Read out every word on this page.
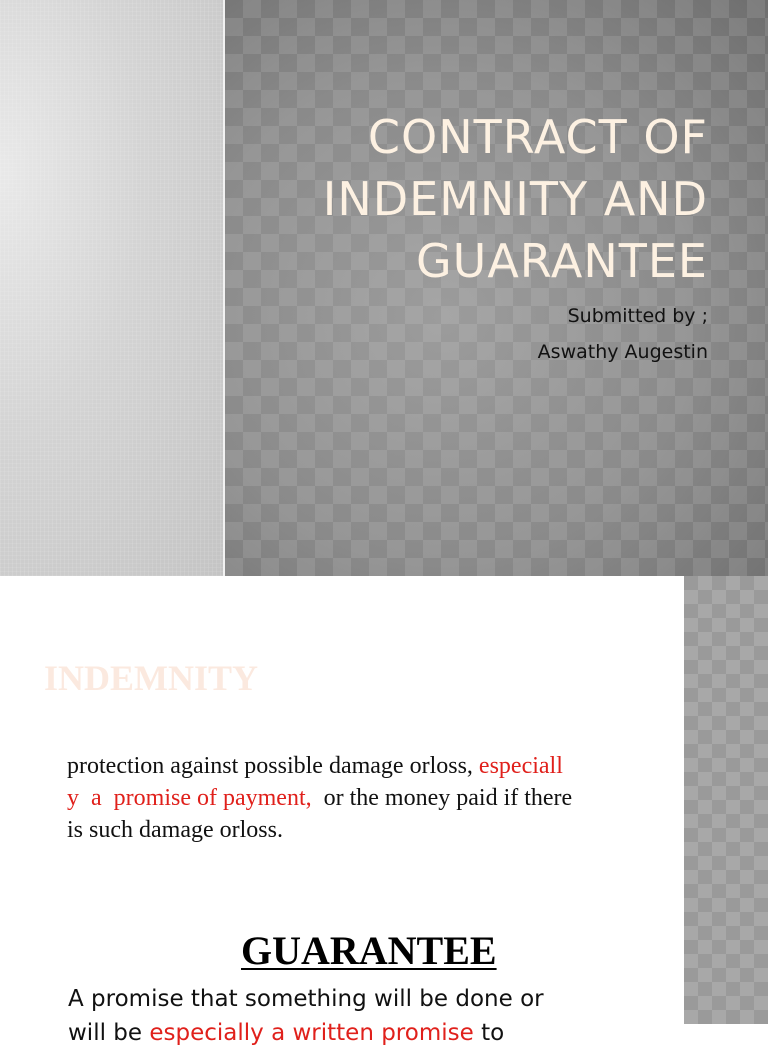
CONTRACT OF
INDEMNITY AND
GUARANTEE
Submitted by ;
Aswathy Augestin
INDEMNITY

protection against possible damage orloss, especiall
y a promise of payment, or the money paid if there
is such damage orloss.

GUARANTEE

A promise that something will be done or
will be especially a written promise to
